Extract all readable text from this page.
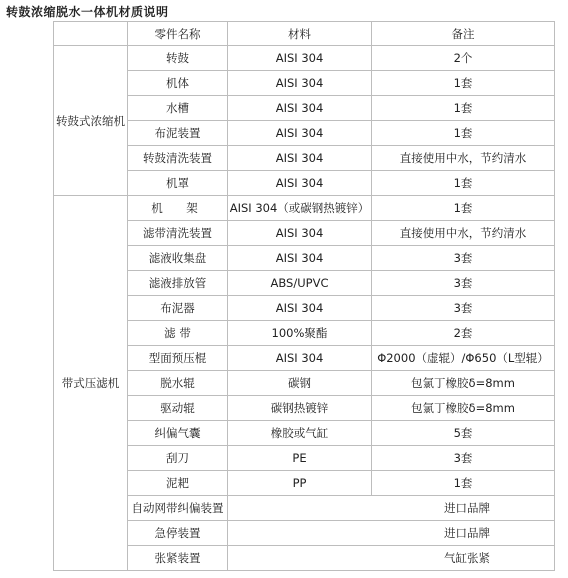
转鼓浓缩脱水一体机材质说明
	零件名称	材料	备注
转鼓式浓缩机	转鼓	AISI 304	2个
	机体	AISI 304	1套
	水槽	AISI 304	1套
	布泥装置	AISI 304	1套
	转鼓清洗装置	AISI 304	直接使用中水，节约清水
	机罩	AISI 304	1套
带式压滤机	机　架	AISI 304（或碳钢热镀锌）	1套
	滤带清洗装置	AISI 304	直接使用中水，节约清水
	滤液收集盘	AISI 304	3套
	滤液排放管	ABS/UPVC	3套
	布泥器	AISI 304	3套
	滤 带	100%聚酯	2套
	型面预压棍	AISI 304	Φ2000（虚辊）/Φ650（L型辊）
	脱水辊	碳钢	包氯丁橡胶δ=8mm
	驱动辊	碳钢热镀锌	包氯丁橡胶δ=8mm
	纠偏气囊	橡胶或气缸	5套
	刮刀	PE	3套
	泥耙	PP	1套
	自动网带纠偏装置	进口品牌	
	急停装置	进口品牌	
	张紧装置	气缸张紧	
